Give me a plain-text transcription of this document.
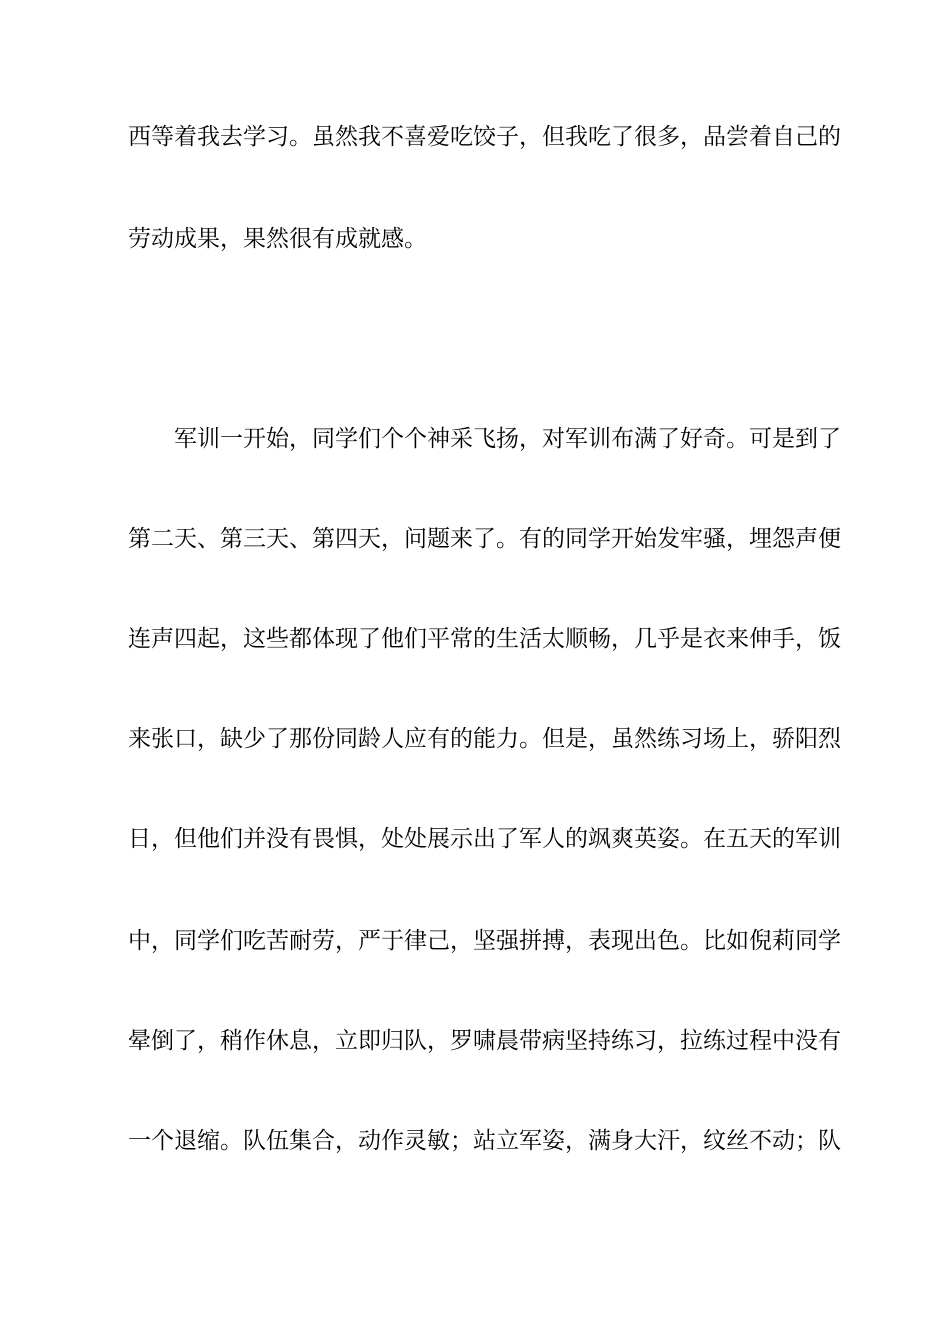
西等着我去学习。虽然我不喜爱吃饺子，但我吃了很多，品尝着自己的
劳动成果，果然很有成就感。
军训一开始，同学们个个神采飞扬，对军训布满了好奇。可是到了
第二天、第三天、第四天，问题来了。有的同学开始发牢骚，埋怨声便
连声四起，这些都体现了他们平常的生活太顺畅，几乎是衣来伸手，饭
来张口，缺少了那份同龄人应有的能力。但是，虽然练习场上，骄阳烈
日，但他们并没有畏惧，处处展示出了军人的飒爽英姿。在五天的军训
中，同学们吃苦耐劳，严于律己，坚强拼搏，表现出色。比如倪莉同学
晕倒了，稍作休息，立即归队，罗啸晨带病坚持练习，拉练过程中没有
一个退缩。队伍集合，动作灵敏；站立军姿，满身大汗，纹丝不动；队
